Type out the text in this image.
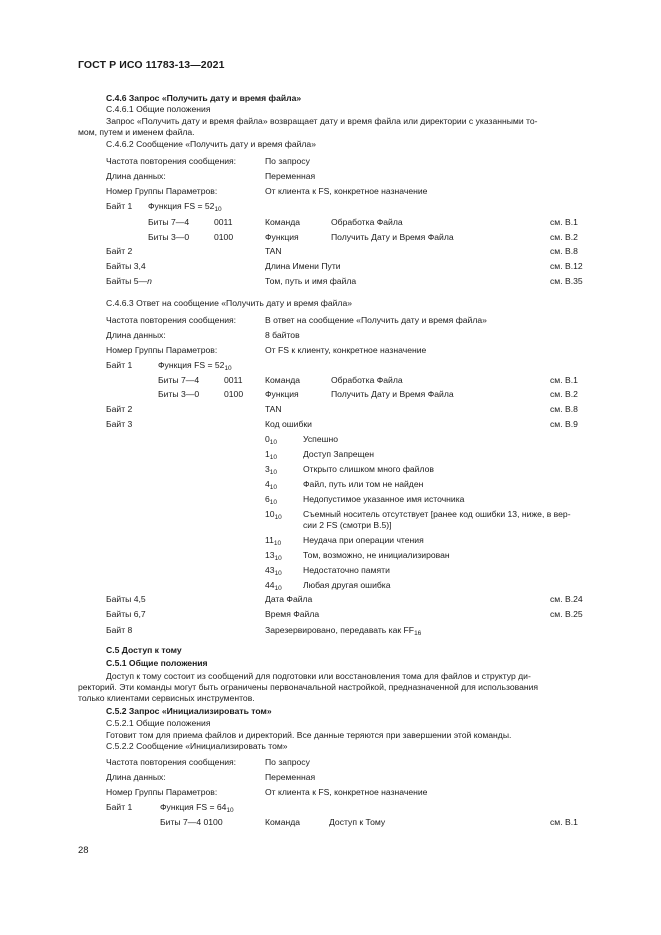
ГОСТ Р ИСО 11783-13—2021
С.4.6 Запрос «Получить дату и время файла»
С.4.6.1 Общие положения
Запрос «Получить дату и время файла» возвращает дату и время файла или директории с указанными то-
мом, путем и именем файла.
С.4.6.2 Сообщение «Получить дату и время файла»
Частота повторения сообщения:	По запросу
Длина данных:	Переменная
Номер Группы Параметров:	От клиента к FS, конкретное назначение
Байт 1 Функция FS = $52_{10}$
Биты 7—4	0011	Команда	Обработка Файла	см. В.1
Биты 3—0	0100	Функция	Получить Дату и Время Файла	см. В.2
Байт 2	TAN	см. В.8
Байты 3,4	Длина Имени Пути	см. В.12
Байты 5—n	Том, путь и имя файла	см. В.35
С.4.6.3 Ответ на сообщение «Получить дату и время файла»
Частота повторения сообщения:	В ответ на сообщение «Получить дату и время файла»
Длина данных:	8 байтов
Номер Группы Параметров:	От FS к клиенту, конкретное назначение
Байт 1	Функция FS = $52_{10}$
Биты 7—4	0011	Команда	Обработка Файла	см. В.1
Биты 3—0	0100	Функция	Получить Дату и Время Файла	см. В.2
Байт 2	TAN	см. В.8
Байт 3	Код ошибки	см. В.9
$0_{10}$	Успешно
$1_{10}$	Доступ Запрещен
$3_{10}$	Открыто слишком много файлов
$4_{10}$	Файл, путь или том не найден
$6_{10}$	Недопустимое указанное имя источника
$10_{10}$ Съемный носитель отсутствует [ранее код ошибки 13, ниже, в вер-
сии 2 FS (смотри В.5)]
$11_{10}$	Неудача при операции чтения
$13_{10}$ Том, возможно, не инициализирован
$43_{10}$ Недостаточно памяти
$44_{10}$ Любая другая ошибка
Байты 4,5	Дата Файла	см. В.24
Байты 6,7	Время Файла	см. В.25
Байт 8	Зарезервировано, передавать как $FF_{16}$
С.5 Доступ к тому
С.5.1 Общие положения
Доступ к тому состоит из сообщений для подготовки или восстановления тома для файлов и структур ди-
ректорий. Эти команды могут быть ограничены первоначальной настройкой, предназначенной для использования
только клиентами сервисных инструментов.
С.5.2 Запрос «Инициализировать том»
С.5.2.1 Общие положения
Готовит том для приема файлов и директорий. Все данные теряются при завершении этой команды.
С.5.2.2 Сообщение «Инициализировать том»
Частота повторения сообщения:	По запросу
Длина данных:	Переменная
Номер Группы Параметров:	От клиента к FS, конкретное назначение
Байт 1	Функция FS = $64_{10}$
Биты 7—4 0100	Команда	Доступ к Тому	см. В.1
28
